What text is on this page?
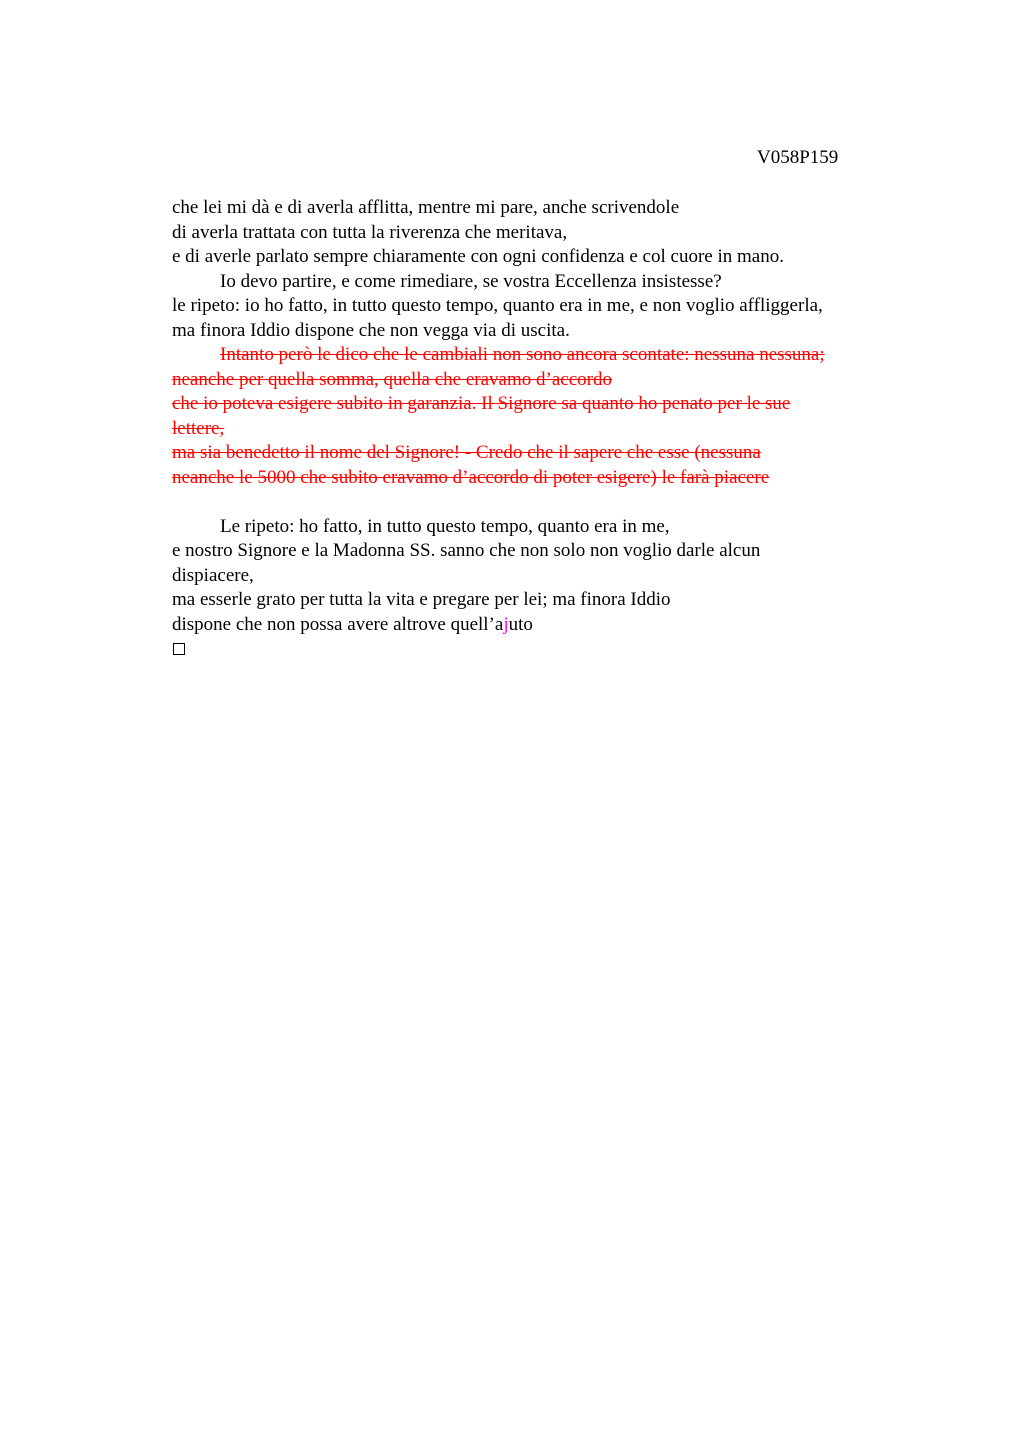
V058P159
che lei mi dà e di averla afflitta, mentre mi pare, anche scrivendole
di averla trattata con tutta la riverenza che meritava,
e di averle parlato sempre chiaramente con ogni confidenza e col cuore in mano.
Io devo partire, e come rimediare, se vostra Eccellenza insistesse?
le ripeto: io ho fatto, in tutto questo tempo, quanto era in me, e non voglio affliggerla,
ma finora Iddio dispone che non vegga via di uscita.
Intanto però le dico che le cambiali non sono ancora scontate: nessuna nessuna;
neanche per quella somma, quella che eravamo d’accordo
che io poteva esigere subito in garanzia. Il Signore sa quanto ho penato per le sue
lettere,
ma sia benedetto il nome del Signore! - Credo che il sapere che esse (nessuna
neanche le 5000 che subito eravamo d’accordo di poter esigere) le farà piacere
Le ripeto: ho fatto, in tutto questo tempo, quanto era in me,
e nostro Signore e la Madonna SS. sanno che non solo non voglio darle alcun
dispiacere,
ma esserle grato per tutta la vita e pregare per lei; ma finora Iddio
dispone che non possa avere altrove quell’ajuto
